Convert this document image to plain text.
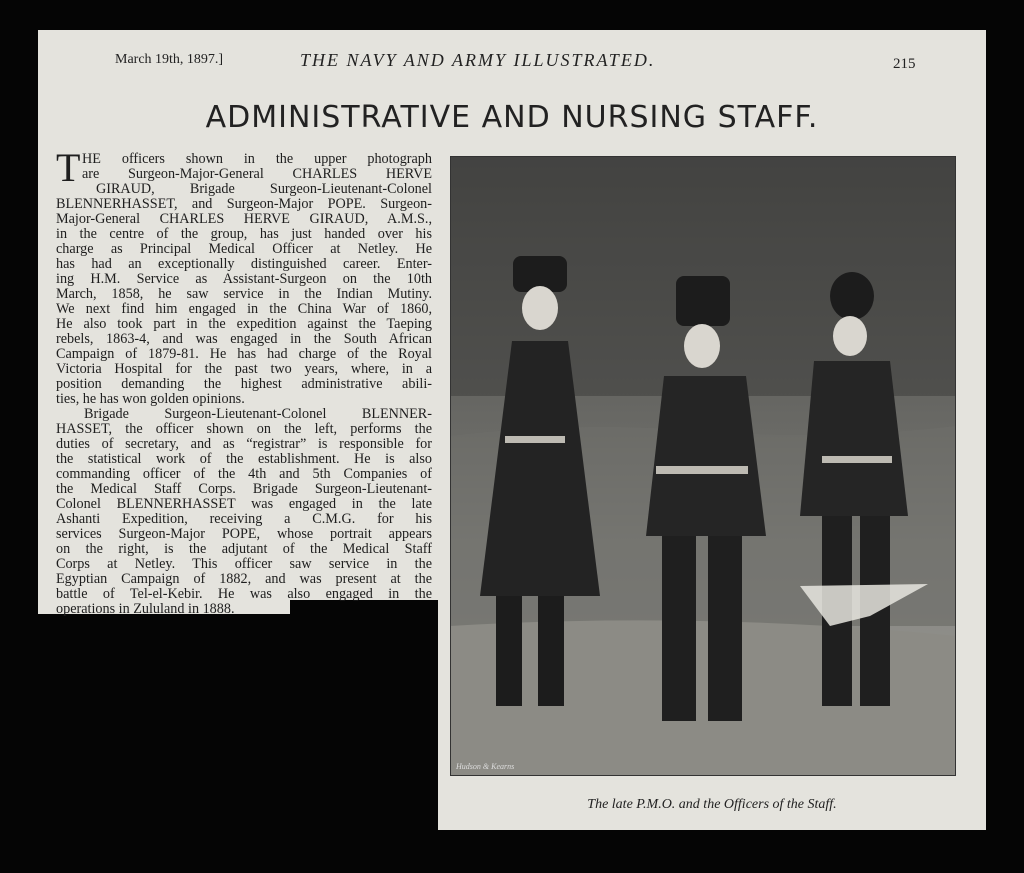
March 19th, 1897.]	THE NAVY AND ARMY ILLUSTRATED.	215
ADMINISTRATIVE AND NURSING STAFF.
T HE officers shown in the upper photograph
are Surgeon-Major-General CHARLES HERVE
GIRAUD, Brigade Surgeon-Lieutenant-Colonel
BLENNERHASSET, and Surgeon-Major POPE. Surgeon-
Major-General CHARLES HERVE GIRAUD, A.M.S.,
in the centre of the group, has just handed over his
charge as Principal Medical Officer at Netley. He
has had an exceptionally distinguished career. Enter-
ing H.M. Service as Assistant-Surgeon on the 10th
March, 1858, he saw service in the Indian Mutiny.
We next find him engaged in the China War of 1860,
He also took part in the expedition against the Taeping
rebels, 1863-4, and was engaged in the South African
Campaign of 1879-81. He has had charge of the Royal
Victoria Hospital for the past two years, where, in a
position demanding the highest administrative abili-
ties, he has won golden opinions.
Brigade Surgeon-Lieutenant-Colonel BLENNER-
HASSET, the officer shown on the left, performs the
duties of secretary, and as “registrar” is responsible for
the statistical work of the establishment. He is also
commanding officer of the 4th and 5th Companies of
the Medical Staff Corps. Brigade Surgeon-Lieutenant-
Colonel BLENNERHASSET was engaged in the late
Ashanti Expedition, receiving a C.M.G. for his
services Surgeon-Major POPE, whose portrait appears
on the right, is the adjutant of the Medical Staff
Corps at Netley. This officer saw service in the
Egyptian Campaign of 1882, and was present at the
battle of Tel-el-Kebir. He was also engaged in the
operations in Zululand in 1888.
Hudson & Kearns
The late P.M.O. and the Officers of the Staff.
